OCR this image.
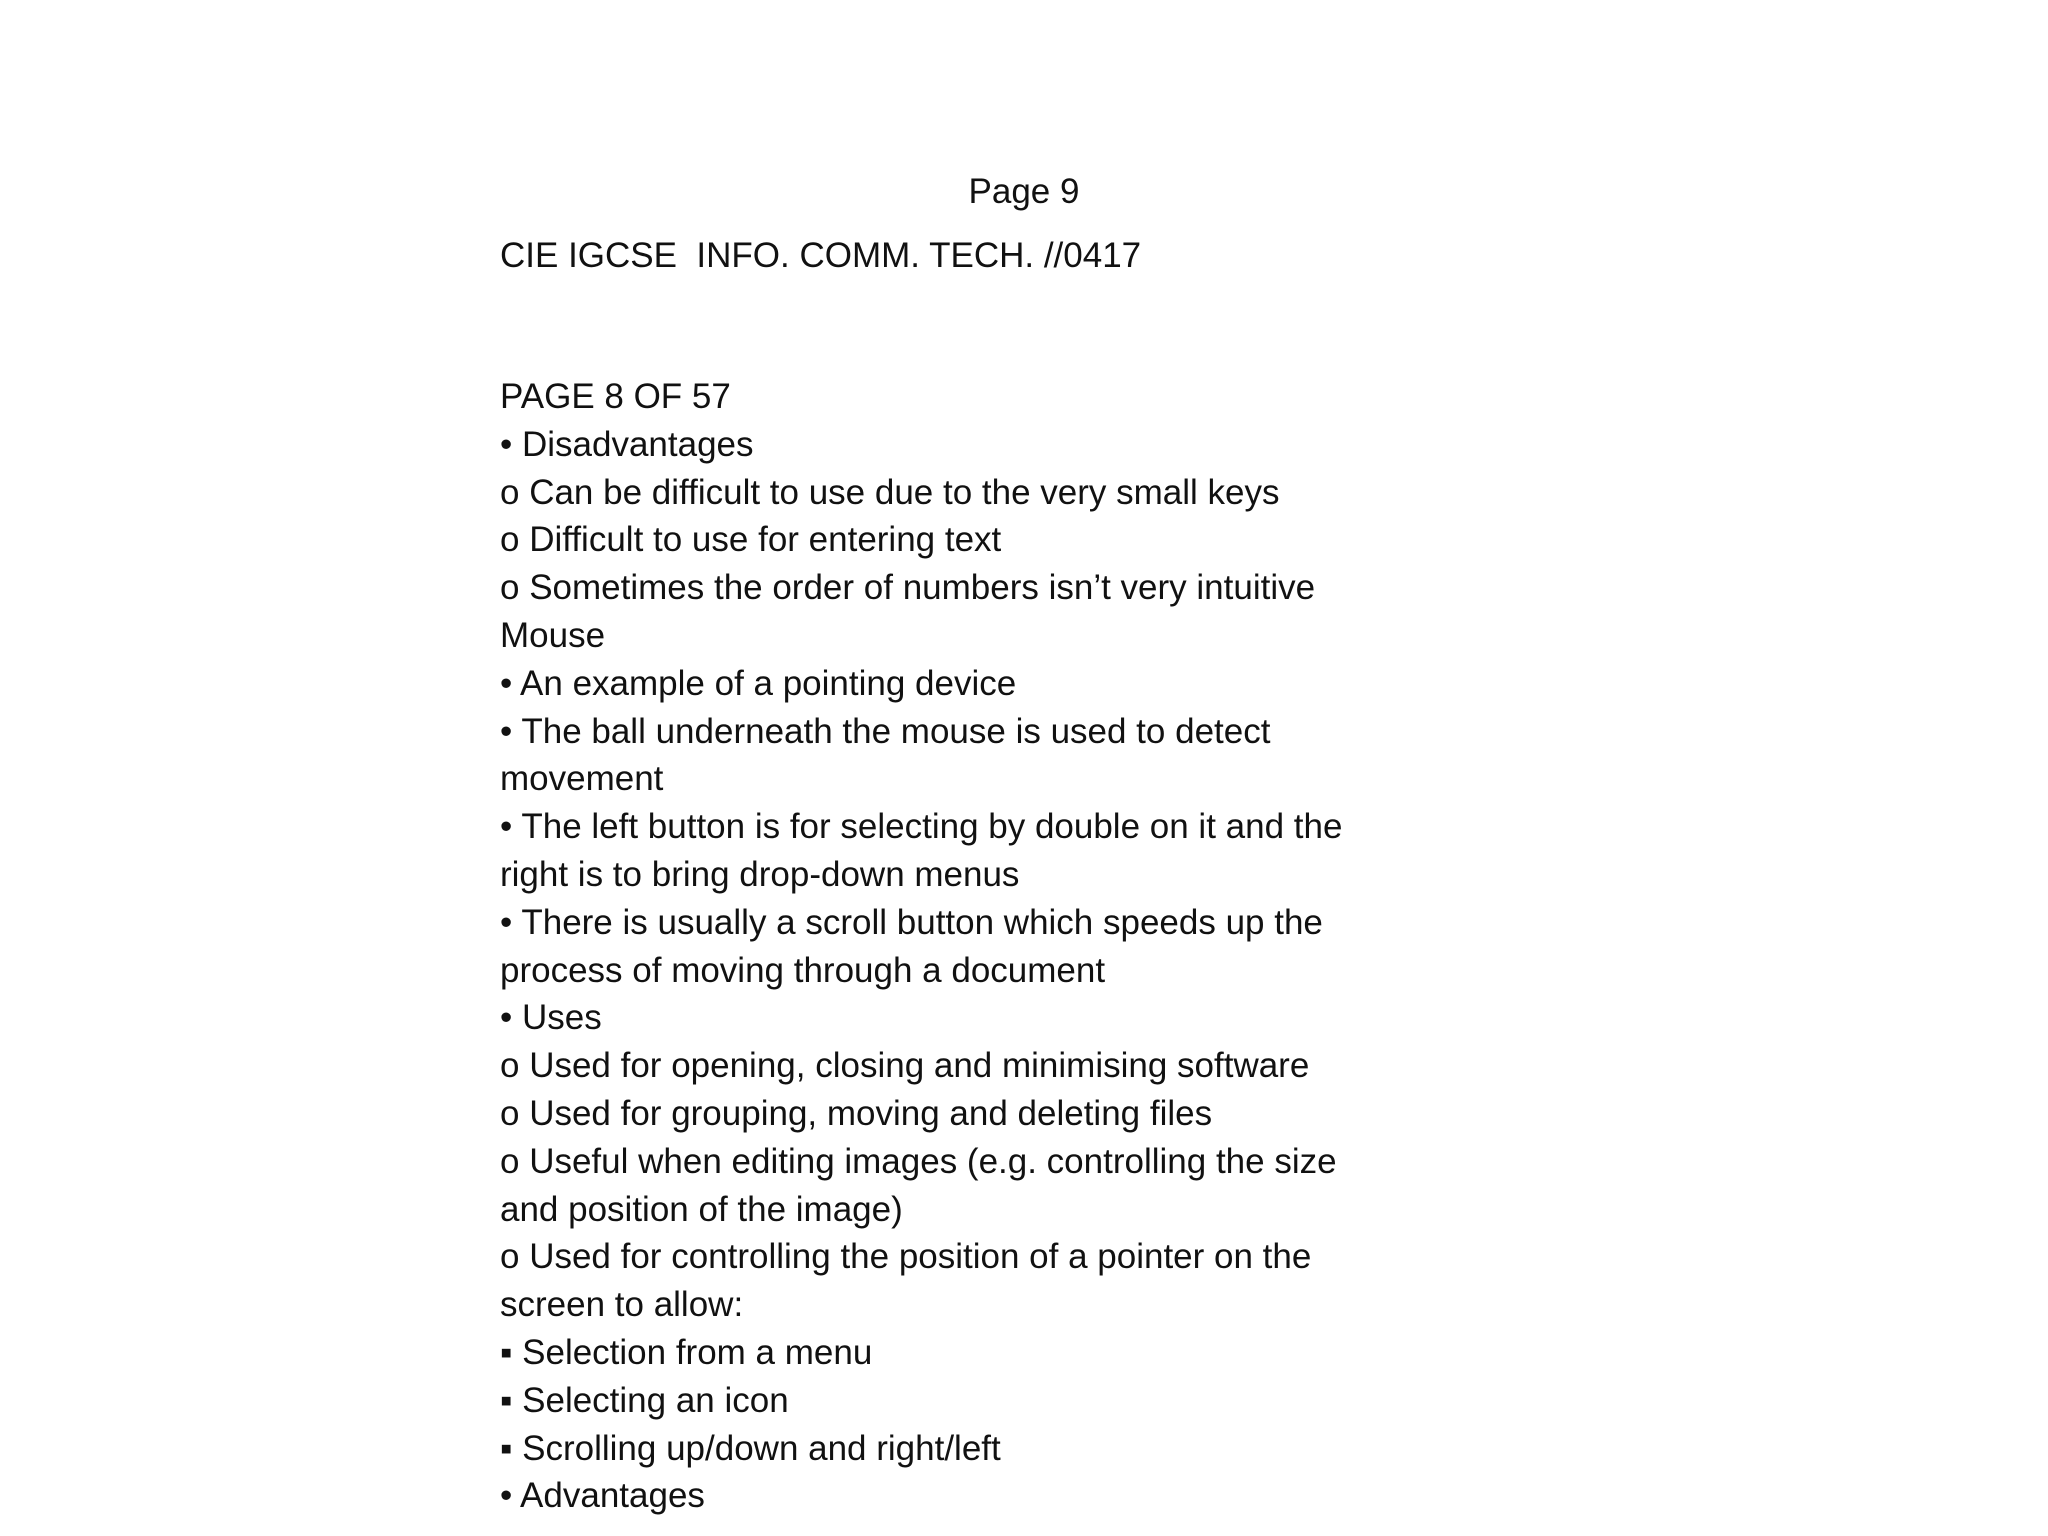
Page 9
CIE IGCSE  INFO. COMM. TECH. //0417
PAGE 8 OF 57
• Disadvantages
o Can be difficult to use due to the very small keys
o Difficult to use for entering text
o Sometimes the order of numbers isn’t very intuitive
Mouse
• An example of a pointing device
• The ball underneath the mouse is used to detect
movement
• The left button is for selecting by double on it and the
right is to bring drop-down menus
• There is usually a scroll button which speeds up the
process of moving through a document
• Uses
o Used for opening, closing and minimising software
o Used for grouping, moving and deleting files
o Useful when editing images (e.g. controlling the size
and position of the image)
o Used for controlling the position of a pointer on the
screen to allow:
▪ Selection from a menu
▪ Selecting an icon
▪ Scrolling up/down and right/left
• Advantages
